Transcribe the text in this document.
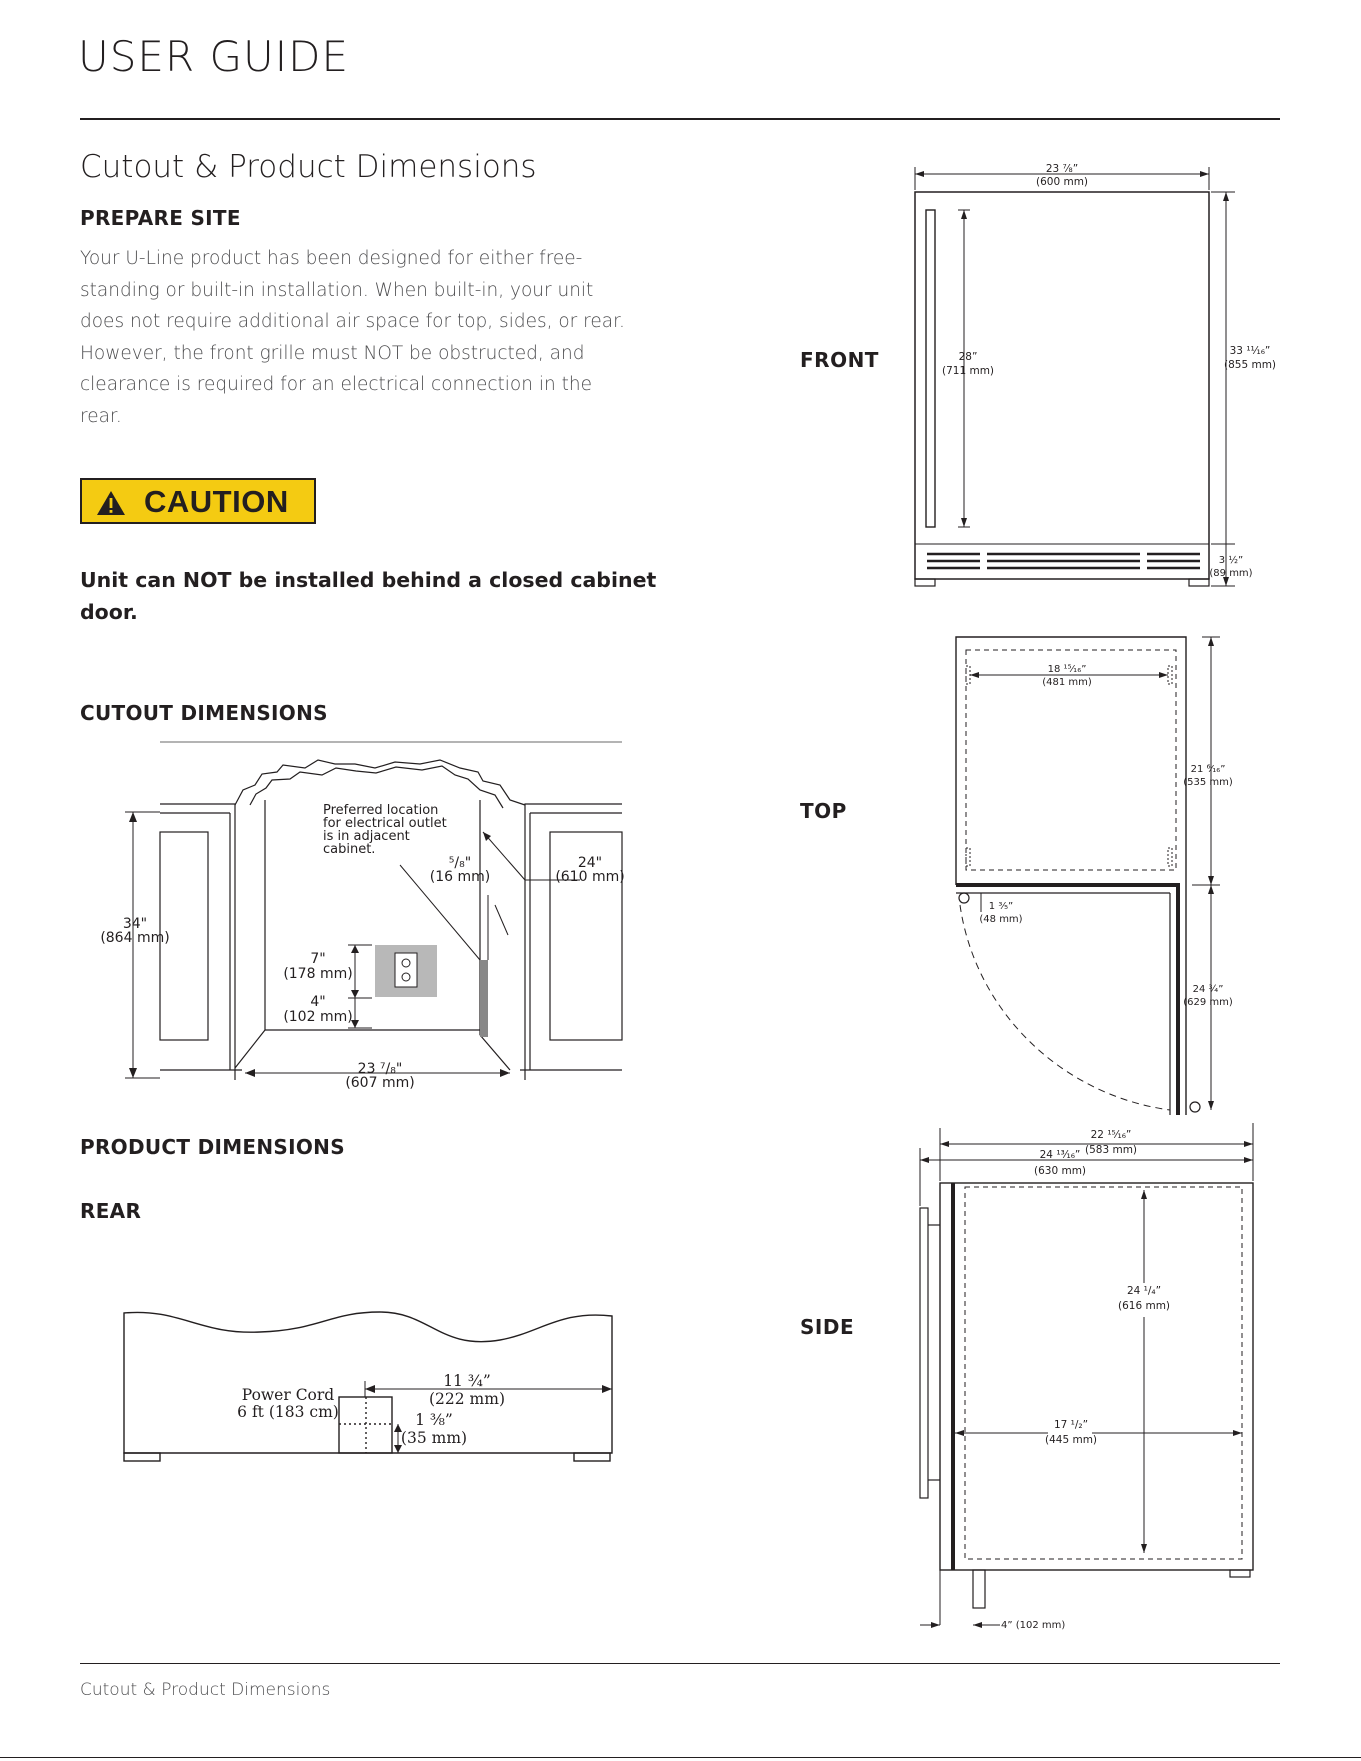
USER GUIDE
Cutout & Product Dimensions
PREPARE SITE

Your U-Line product has been designed for either free-standing or built-in installation. When built-in, your unit does not require additional air space for top, sides, or rear. However, the front grille must NOT be obstructed, and clearance is required for an electrical connection in the rear.

CAUTION

Unit can NOT be installed behind a closed cabinet door.

CUTOUT DIMENSIONS
Preferred location
for electrical outlet
is in adjacent
cabinet.
34"
(864 mm)
24"
(610 mm)
⁵/₈"
(16 mm)
7"
(178 mm)
4"
(102 mm)
23 ⁷/₈"
(607 mm)
PRODUCT DIMENSIONS
REAR
Power Cord
6 ft (183 cm)
11 ¾”
(222 mm)
1 ⅜”
(35 mm)
FRONT
TOP
SIDE
23 ⅞”
(600 mm)
28”
(711 mm)
33 ¹¹⁄₁₆”
(855 mm)
3 ½”
(89 mm)
18 ¹⁵⁄₁₆”
(481 mm)
21 ⁶⁄₁₆”
(535 mm)
1 ⅗”
(48 mm)
24 ¾”
(629 mm)
22 ¹⁵⁄₁₆”
(583 mm)
24 ¹³⁄₁₆”
(630 mm)
24 ¹/₄”
(616 mm)
17 ¹/₂”
(445 mm)
4” (102 mm)

Cutout & Product Dimensions
